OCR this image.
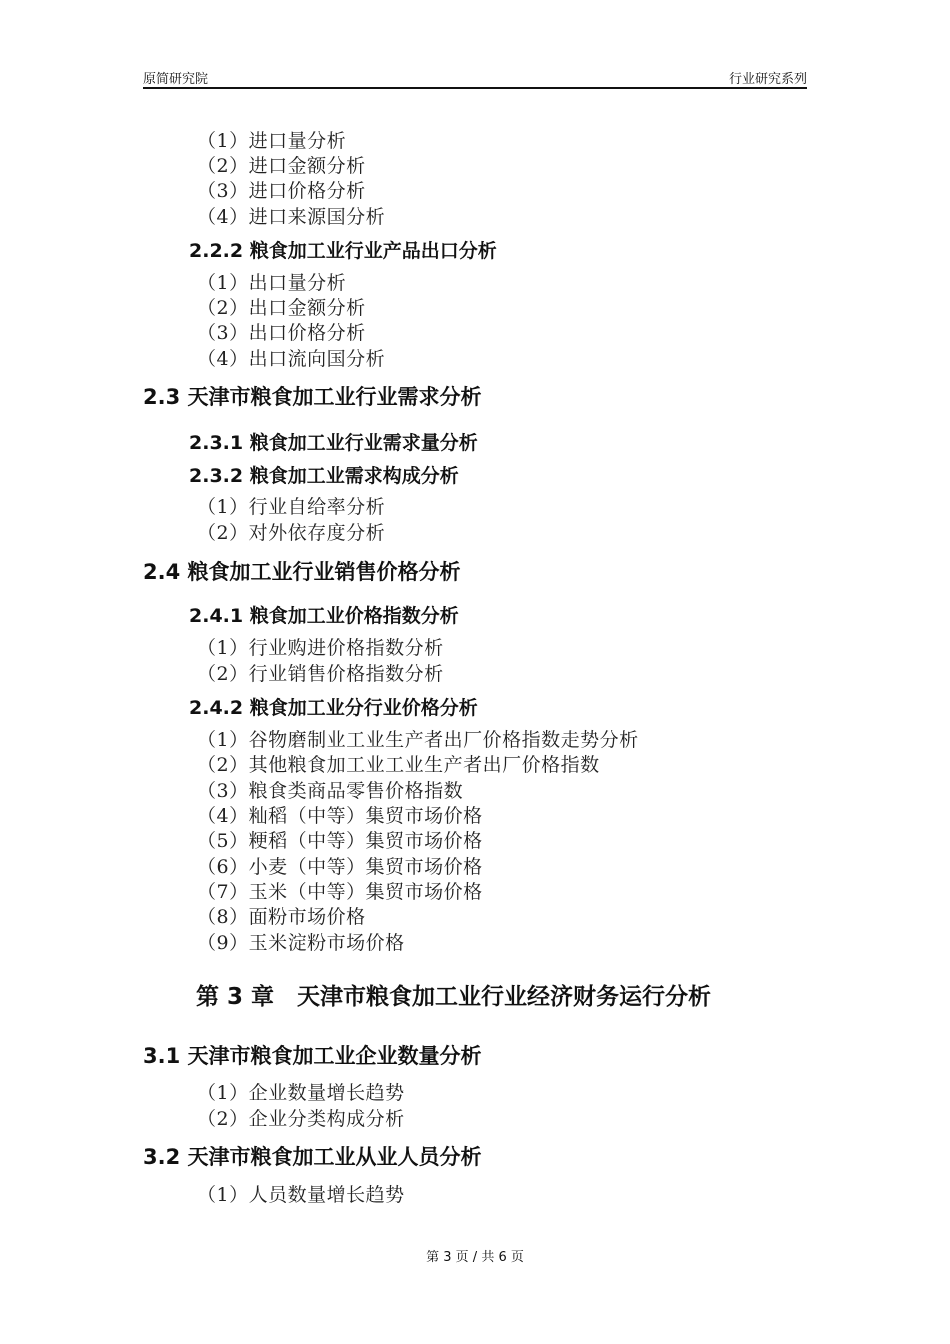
原简研究院	行业研究系列
（1）进口量分析
（2）进口金额分析
（3）进口价格分析
（4）进口来源国分析
2.2.2 粮食加工业行业产品出口分析
（1）出口量分析
（2）出口金额分析
（3）出口价格分析
（4）出口流向国分析
2.3 天津市粮食加工业行业需求分析
2.3.1 粮食加工业行业需求量分析
2.3.2 粮食加工业需求构成分析
（1）行业自给率分析
（2）对外依存度分析
2.4 粮食加工业行业销售价格分析
2.4.1 粮食加工业价格指数分析
（1）行业购进价格指数分析
（2）行业销售价格指数分析
2.4.2 粮食加工业分行业价格分析
（1）谷物磨制业工业生产者出厂价格指数走势分析
（2）其他粮食加工业工业生产者出厂价格指数
（3）粮食类商品零售价格指数
（4）籼稻（中等）集贸市场价格
（5）粳稻（中等）集贸市场价格
（6）小麦（中等）集贸市场价格
（7）玉米（中等）集贸市场价格
（8）面粉市场价格
（9）玉米淀粉市场价格
第 3 章　天津市粮食加工业行业经济财务运行分析
3.1 天津市粮食加工业企业数量分析
（1）企业数量增长趋势
（2）企业分类构成分析
3.2 天津市粮食加工业从业人员分析
（1）人员数量增长趋势
第 3 页 / 共 6 页
